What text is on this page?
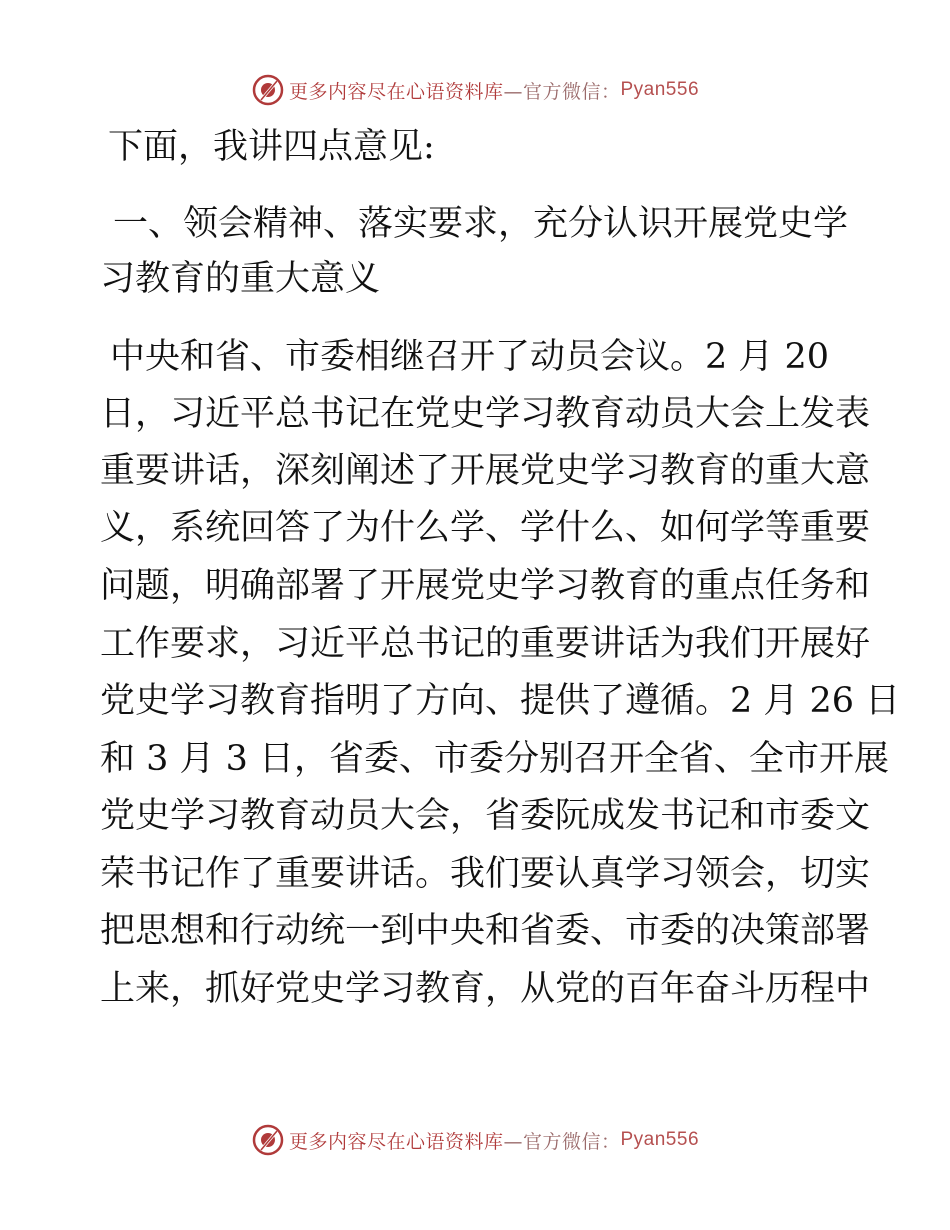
更多内容尽在心语资料库 —官方微信： Pyan556
下面，我讲四点意见:
一、领会精神、落实要求，充分认识开展党史学
习教育的重大意义
中央和省、市委相继召开了动员会议。2 月 20
日，习近平总书记在党史学习教育动员大会上发表
重要讲话，深刻阐述了开展党史学习教育的重大意
义，系统回答了为什么学、学什么、如何学等重要
问题，明确部署了开展党史学习教育的重点任务和
工作要求，习近平总书记的重要讲话为我们开展好
党史学习教育指明了方向、提供了遵循。2 月 26 日
和 3 月 3 日，省委、市委分别召开全省、全市开展
党史学习教育动员大会，省委阮成发书记和市委文
荣书记作了重要讲话。我们要认真学习领会，切实
把思想和行动统一到中央和省委、市委的决策部署
上来，抓好党史学习教育，从党的百年奋斗历程中
更多内容尽在心语资料库 —官方微信： Pyan556
